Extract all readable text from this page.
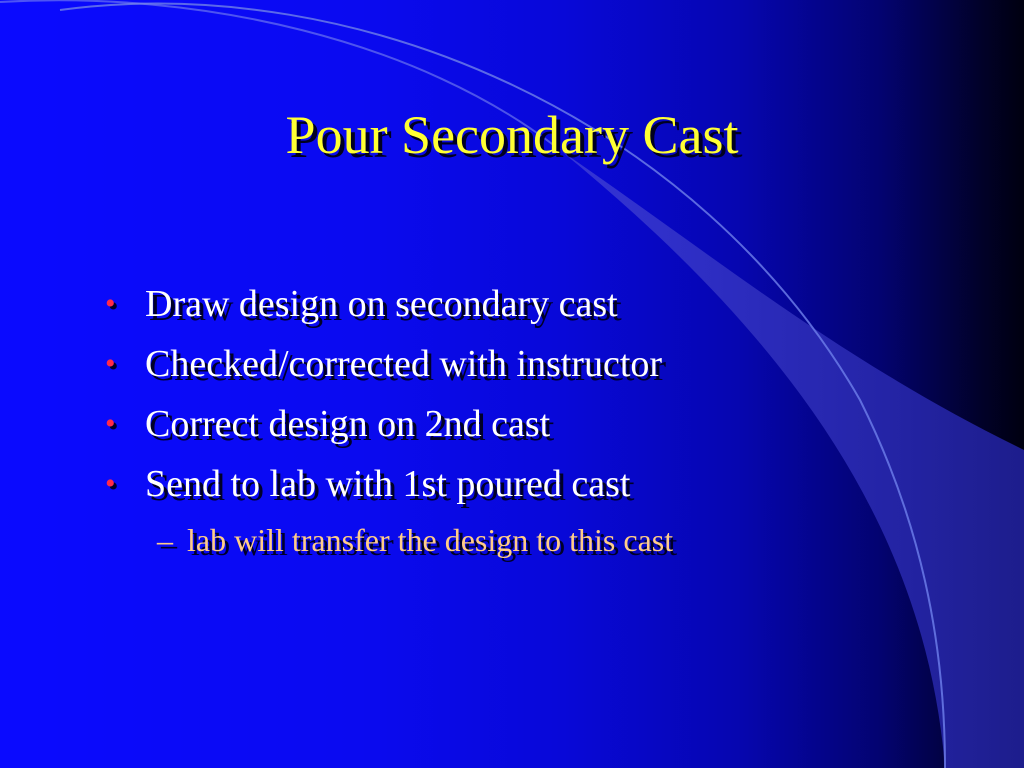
Pour Secondary Cast
• Draw design on secondary cast
• Checked/corrected with instructor
• Correct design on 2nd cast
• Send to lab with 1st poured cast
– lab will transfer the design to this cast
